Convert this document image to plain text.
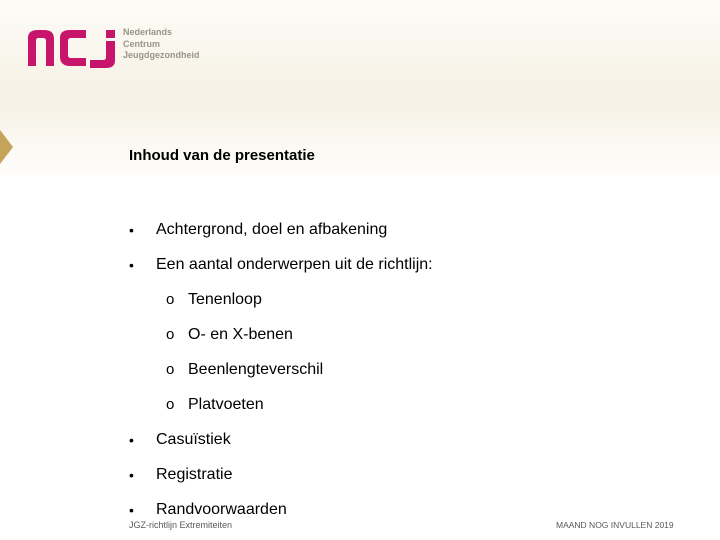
Nederlands
Centrum
Jeugdgezondheid
Inhoud van de presentatie
• Achtergrond, doel en afbakening
• Een aantal onderwerpen uit de richtlijn:
o Tenenloop
o O- en X-benen
o Beenlengteverschil
o Platvoeten
• Casuïstiek
• Registratie
• Randvoorwaarden
JGZ-richtlijn Extremiteiten	MAAND NOG INVULLEN 2019
